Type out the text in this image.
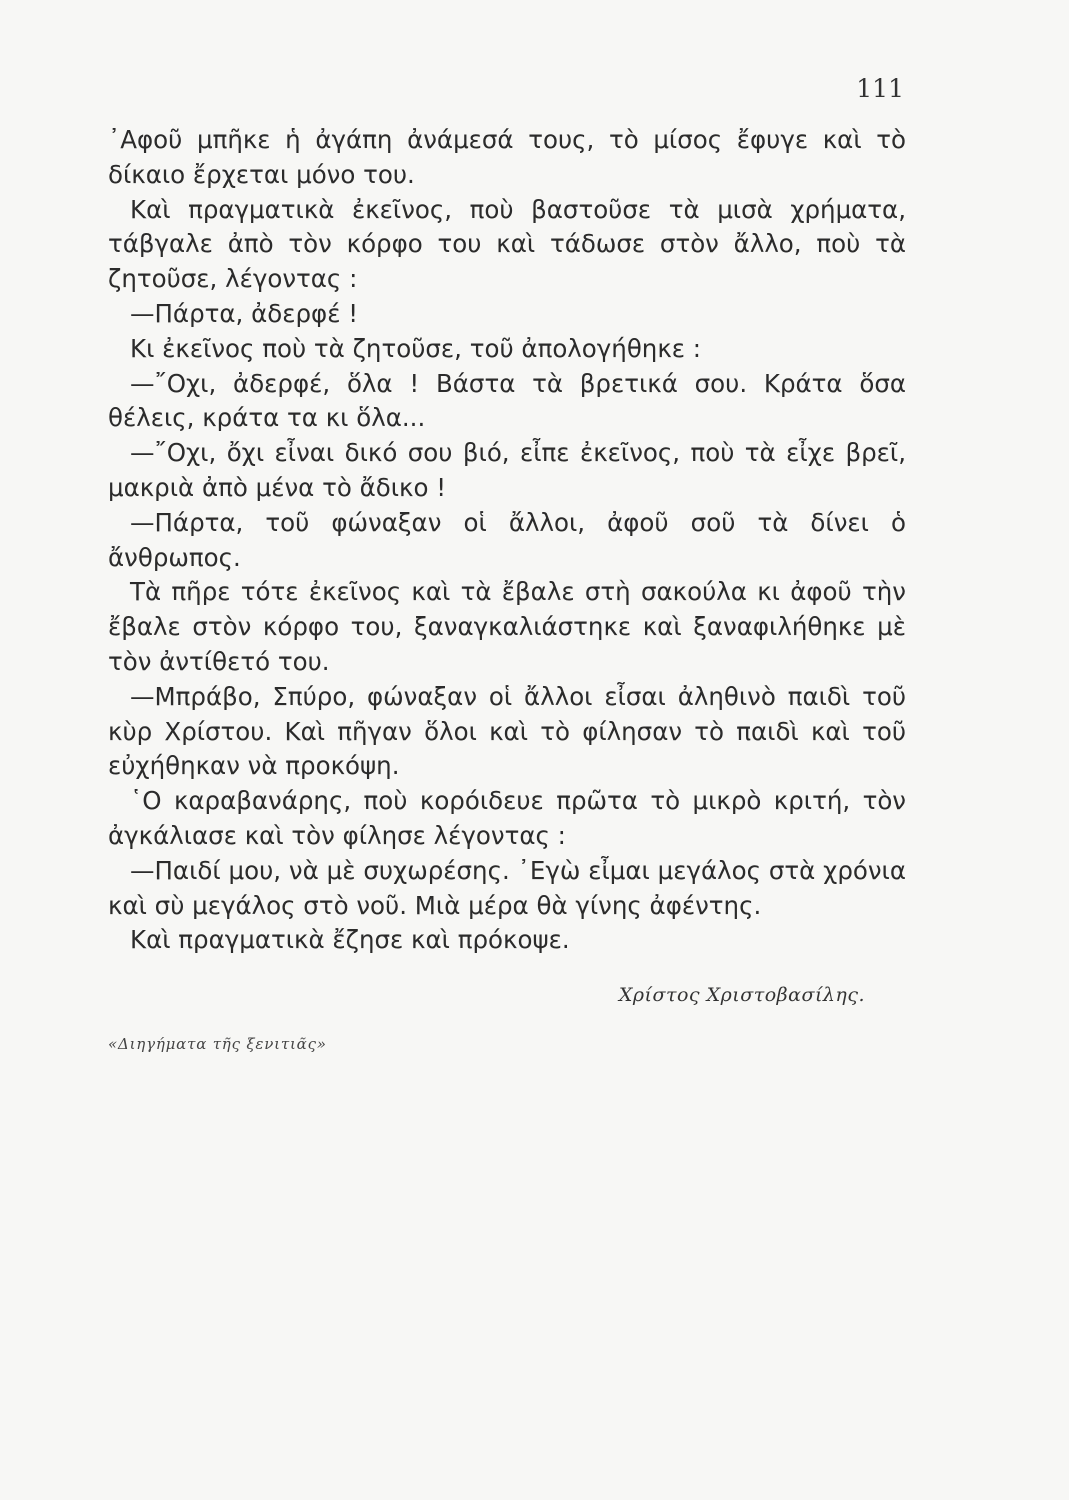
111

᾿Αφοῦ μπῆκε ἡ ἀγάπη ἀνάμεσά τους, τὸ μίσος ἔφυγε καὶ τὸ δίκαιο ἔρχεται μόνο του.

Καὶ πραγματικὰ ἐκεῖνος, ποὺ βαστοῦσε τὰ μισὰ χρήματα, τάβγαλε ἀπὸ τὸν κόρφο του καὶ τάδωσε στὸν ἄλλο, ποὺ τὰ ζητοῦσε, λέγοντας :

—Πάρτα, ἀδερφέ !

Κι ἐκεῖνος ποὺ τὰ ζητοῦσε, τοῦ ἀπολογήθηκε :

—῎Οχι, ἀδερφέ, ὅλα ! Βάστα τὰ βρετικά σου. Κράτα ὅσα θέλεις, κράτα τα κι ὅλα...

—῎Οχι, ὄχι εἶναι δικό σου βιό, εἶπε ἐκεῖνος, ποὺ τὰ εἶχε βρεῖ, μακριὰ ἀπὸ μένα τὸ ἄδικο !

—Πάρτα, τοῦ φώναξαν οἱ ἄλλοι, ἀφοῦ σοῦ τὰ δίνει ὁ ἄνθρωπος.

Τὰ πῆρε τότε ἐκεῖνος καὶ τὰ ἔβαλε στὴ σακούλα κι ἀφοῦ τὴν ἔβαλε στὸν κόρφο του, ξαναγκαλιάστηκε καὶ ξαναφιλήθηκε μὲ τὸν ἀντίθετό του.

—Μπράβο, Σπύρο, φώναξαν οἱ ἄλλοι εἶσαι ἀληθινὸ παιδὶ τοῦ κὺρ Χρίστου. Καὶ πῆγαν ὅλοι καὶ τὸ φίλησαν τὸ παιδὶ καὶ τοῦ εὐχήθηκαν νὰ προκόψη.

῾Ο καραβανάρης, ποὺ κορόιδευε πρῶτα τὸ μικρὸ κριτή, τὸν ἀγκάλιασε καὶ τὸν φίλησε λέγοντας :

—Παιδί μου, νὰ μὲ συχωρέσης. ᾿Εγὼ εἶμαι μεγάλος στὰ χρόνια καὶ σὺ μεγάλος στὸ νοῦ. Μιὰ μέρα θὰ γίνης ἀφέντης.

Καὶ πραγματικὰ ἔζησε καὶ πρόκοψε.

Χρίστος Χριστοβασίλης.
«Διηγήματα τῆς ξενιτιᾶς»
